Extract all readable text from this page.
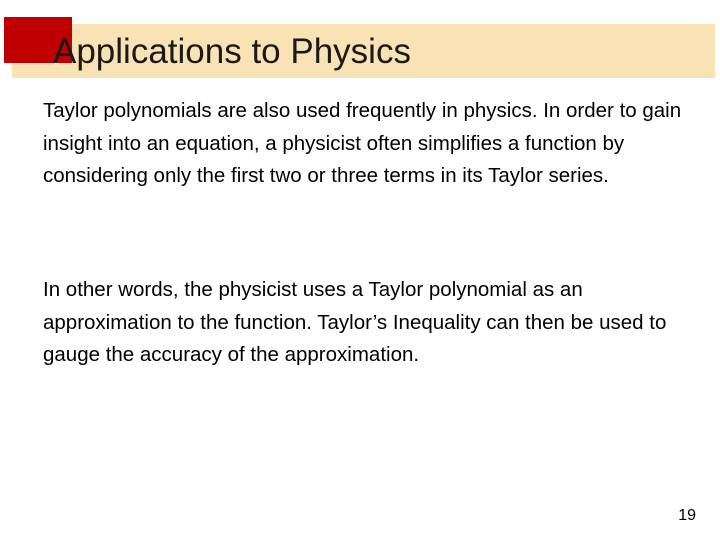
Applications to Physics

Taylor polynomials are also used frequently in physics. In order to gain insight into an equation, a physicist often simplifies a function by considering only the first two or three terms in its Taylor series.

In other words, the physicist uses a Taylor polynomial as an approximation to the function. Taylor’s Inequality can then be used to gauge the accuracy of the approximation.

19
